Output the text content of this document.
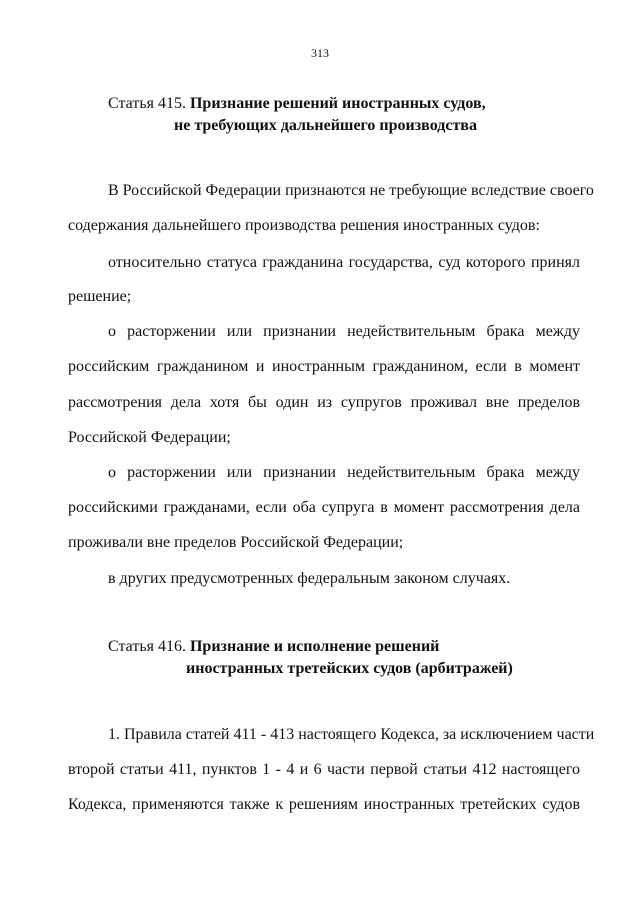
313
Статья 415. Признание решений иностранных судов,
не требующих дальнейшего производства
В Российской Федерации признаются не требующие вследствие своего
содержания дальнейшего производства решения иностранных судов:
относительно статуса гражданина государства, суд которого принял
решение;
о расторжении или признании недействительным брака между
российским гражданином и иностранным гражданином, если в момент
рассмотрения дела хотя бы один из супругов проживал вне пределов
Российской Федерации;
о расторжении или признании недействительным брака между
российскими гражданами, если оба супруга в момент рассмотрения дела
проживали вне пределов Российской Федерации;
в других предусмотренных федеральным законом случаях.
Статья 416. Признание и исполнение решений
иностранных третейских судов (арбитражей)
1. Правила статей 411 - 413 настоящего Кодекса, за исключением части
второй статьи 411, пунктов 1 - 4 и 6 части первой статьи 412 настоящего
Кодекса, применяются также к решениям иностранных третейских судов
